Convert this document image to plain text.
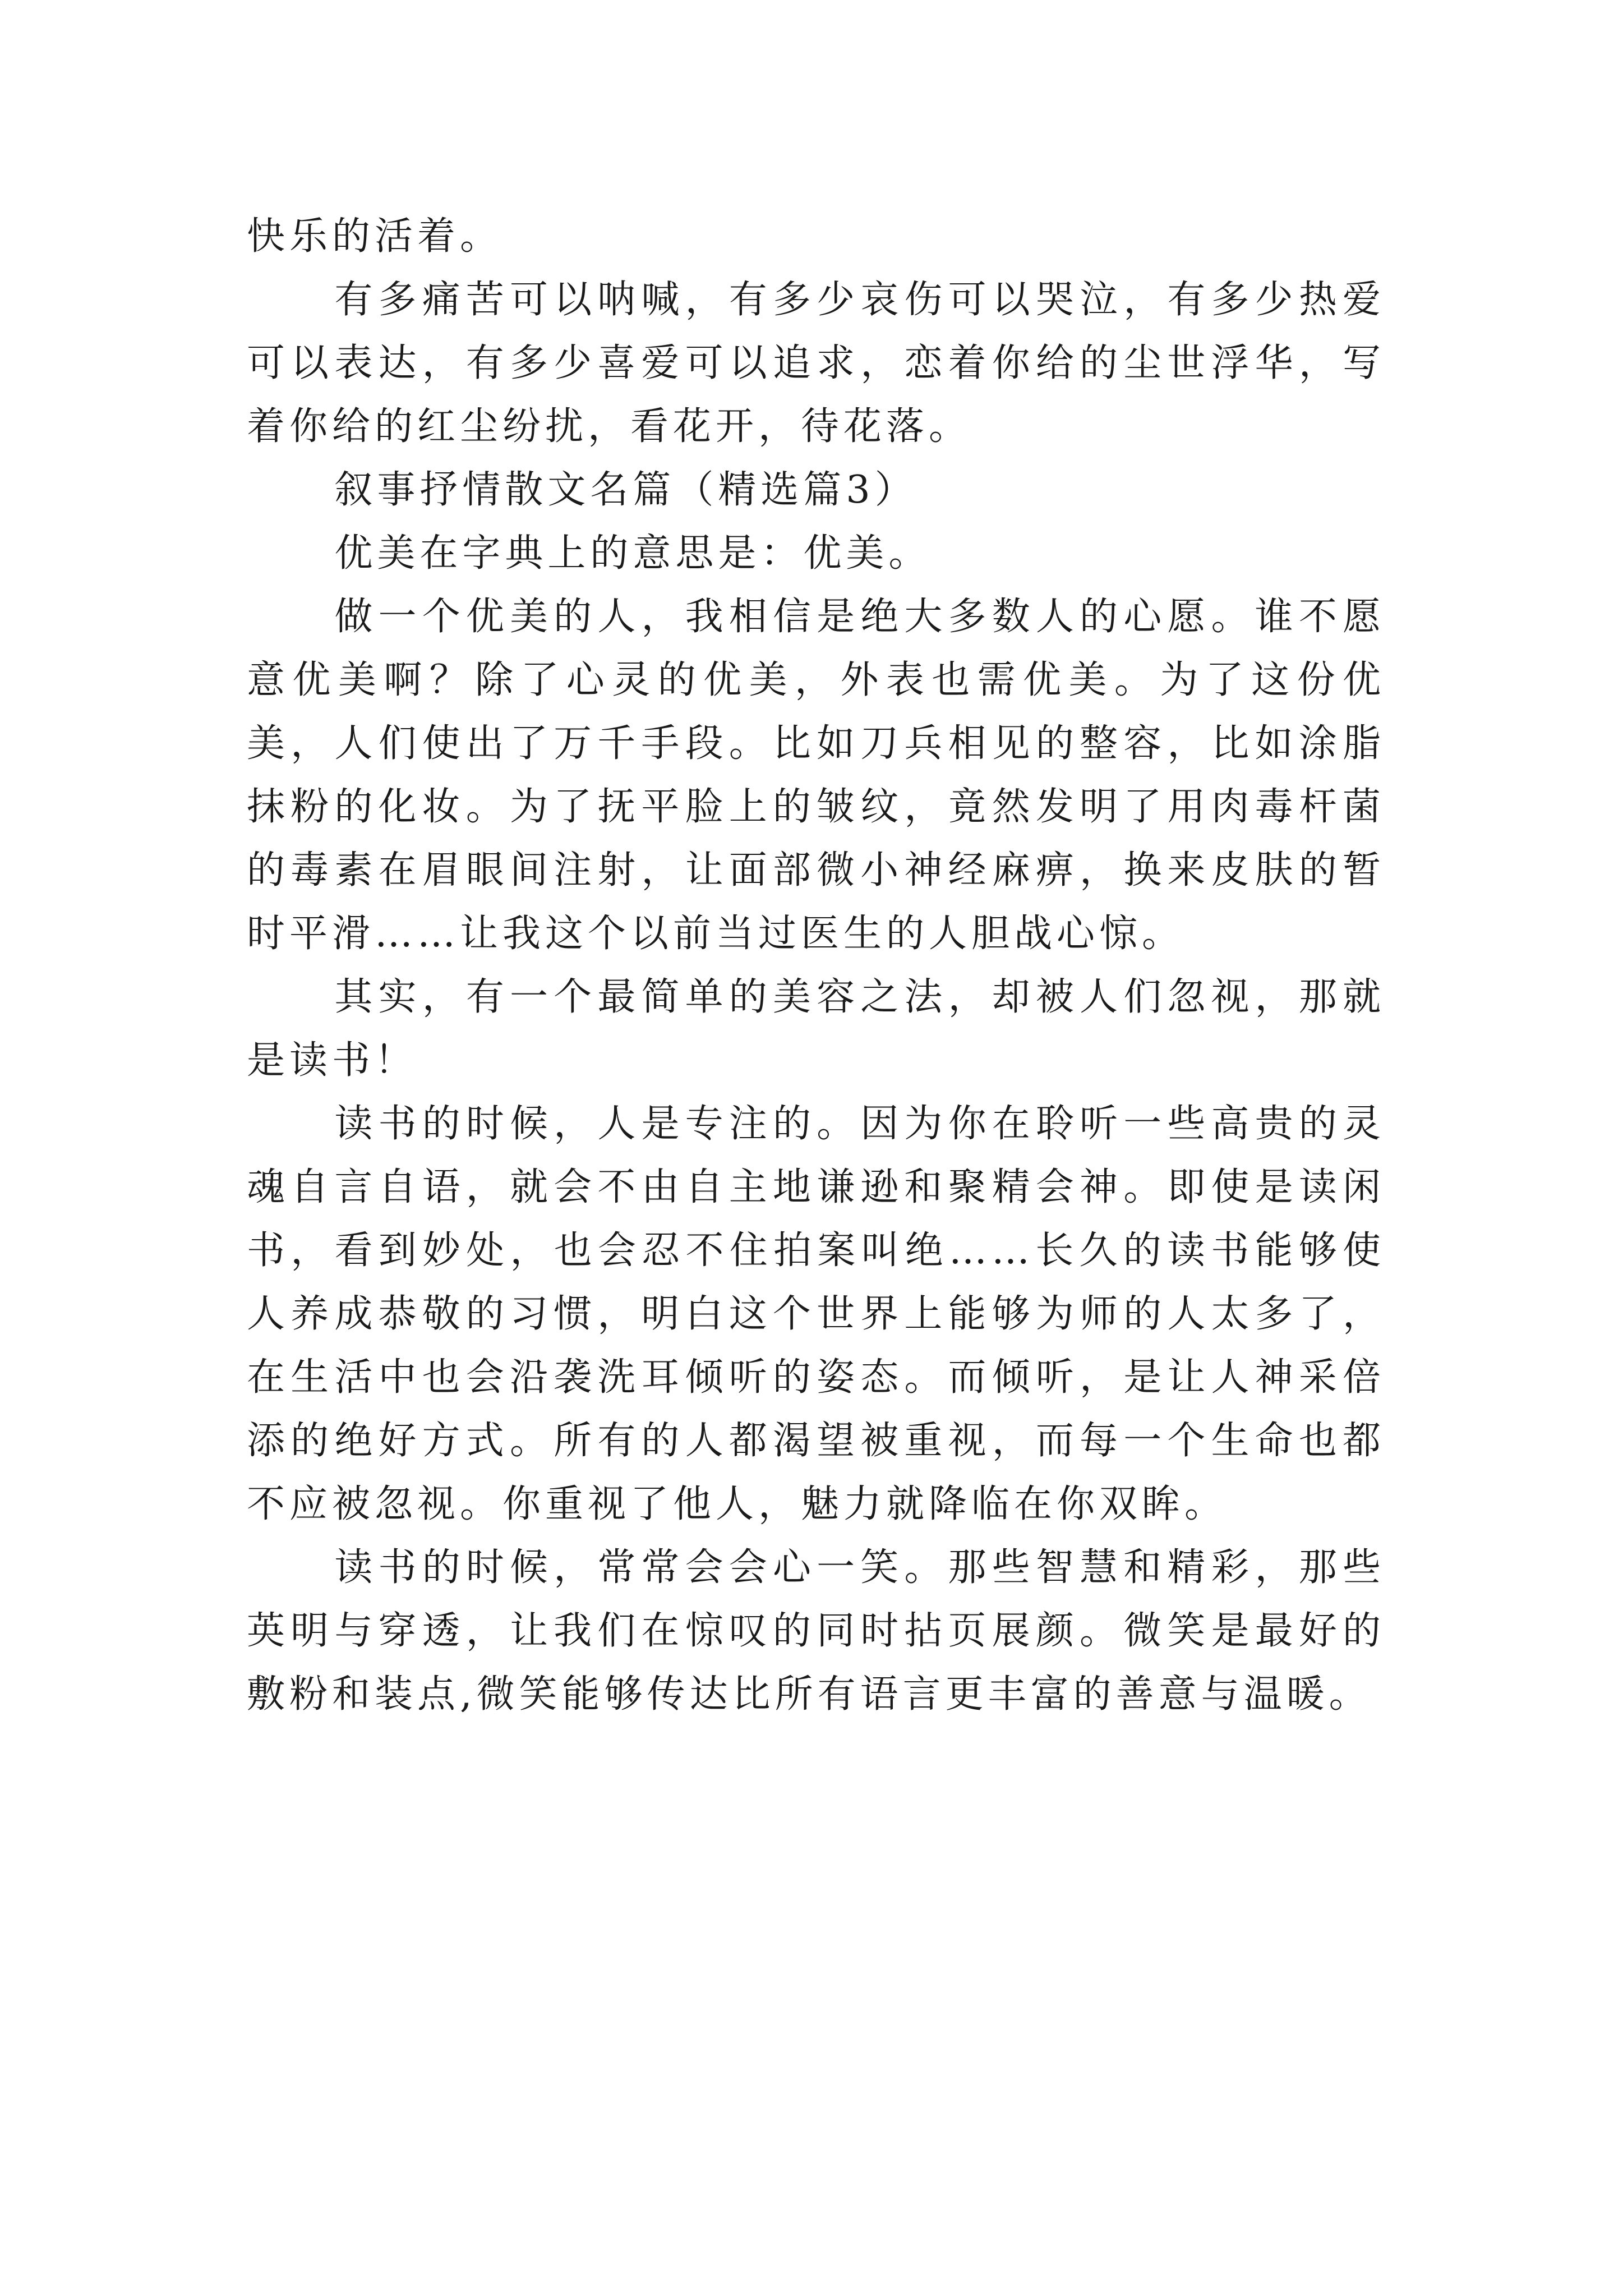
快乐的活着。

有多痛苦可以呐喊，有多少哀伤可以哭泣，有多少热爱可以表达，有多少喜爱可以追求，恋着你给的尘世浮华，写着你给的红尘纷扰，看花开，待花落。

叙事抒情散文名篇（精选篇3）

优美在字典上的意思是：优美。

做一个优美的人，我相信是绝大多数人的心愿。谁不愿意优美啊？除了心灵的优美，外表也需优美。为了这份优美，人们使出了万千手段。比如刀兵相见的整容，比如涂脂抹粉的化妆。为了抚平脸上的皱纹，竟然发明了用肉毒杆菌的毒素在眉眼间注射，让面部微小神经麻痹，换来皮肤的暂时平滑……让我这个以前当过医生的人胆战心惊。

其实，有一个最简单的美容之法，却被人们忽视，那就是读书！

读书的时候，人是专注的。因为你在聆听一些高贵的灵魂自言自语，就会不由自主地谦逊和聚精会神。即使是读闲书，看到妙处，也会忍不住拍案叫绝……长久的读书能够使人养成恭敬的习惯，明白这个世界上能够为师的人太多了，在生活中也会沿袭洗耳倾听的姿态。而倾听，是让人神采倍添的绝好方式。所有的人都渴望被重视，而每一个生命也都不应被忽视。你重视了他人，魅力就降临在你双眸。

读书的时候，常常会会心一笑。那些智慧和精彩，那些英明与穿透，让我们在惊叹的同时拈页展颜。微笑是最好的敷粉和装点,微笑能够传达比所有语言更丰富的善意与温暖。
